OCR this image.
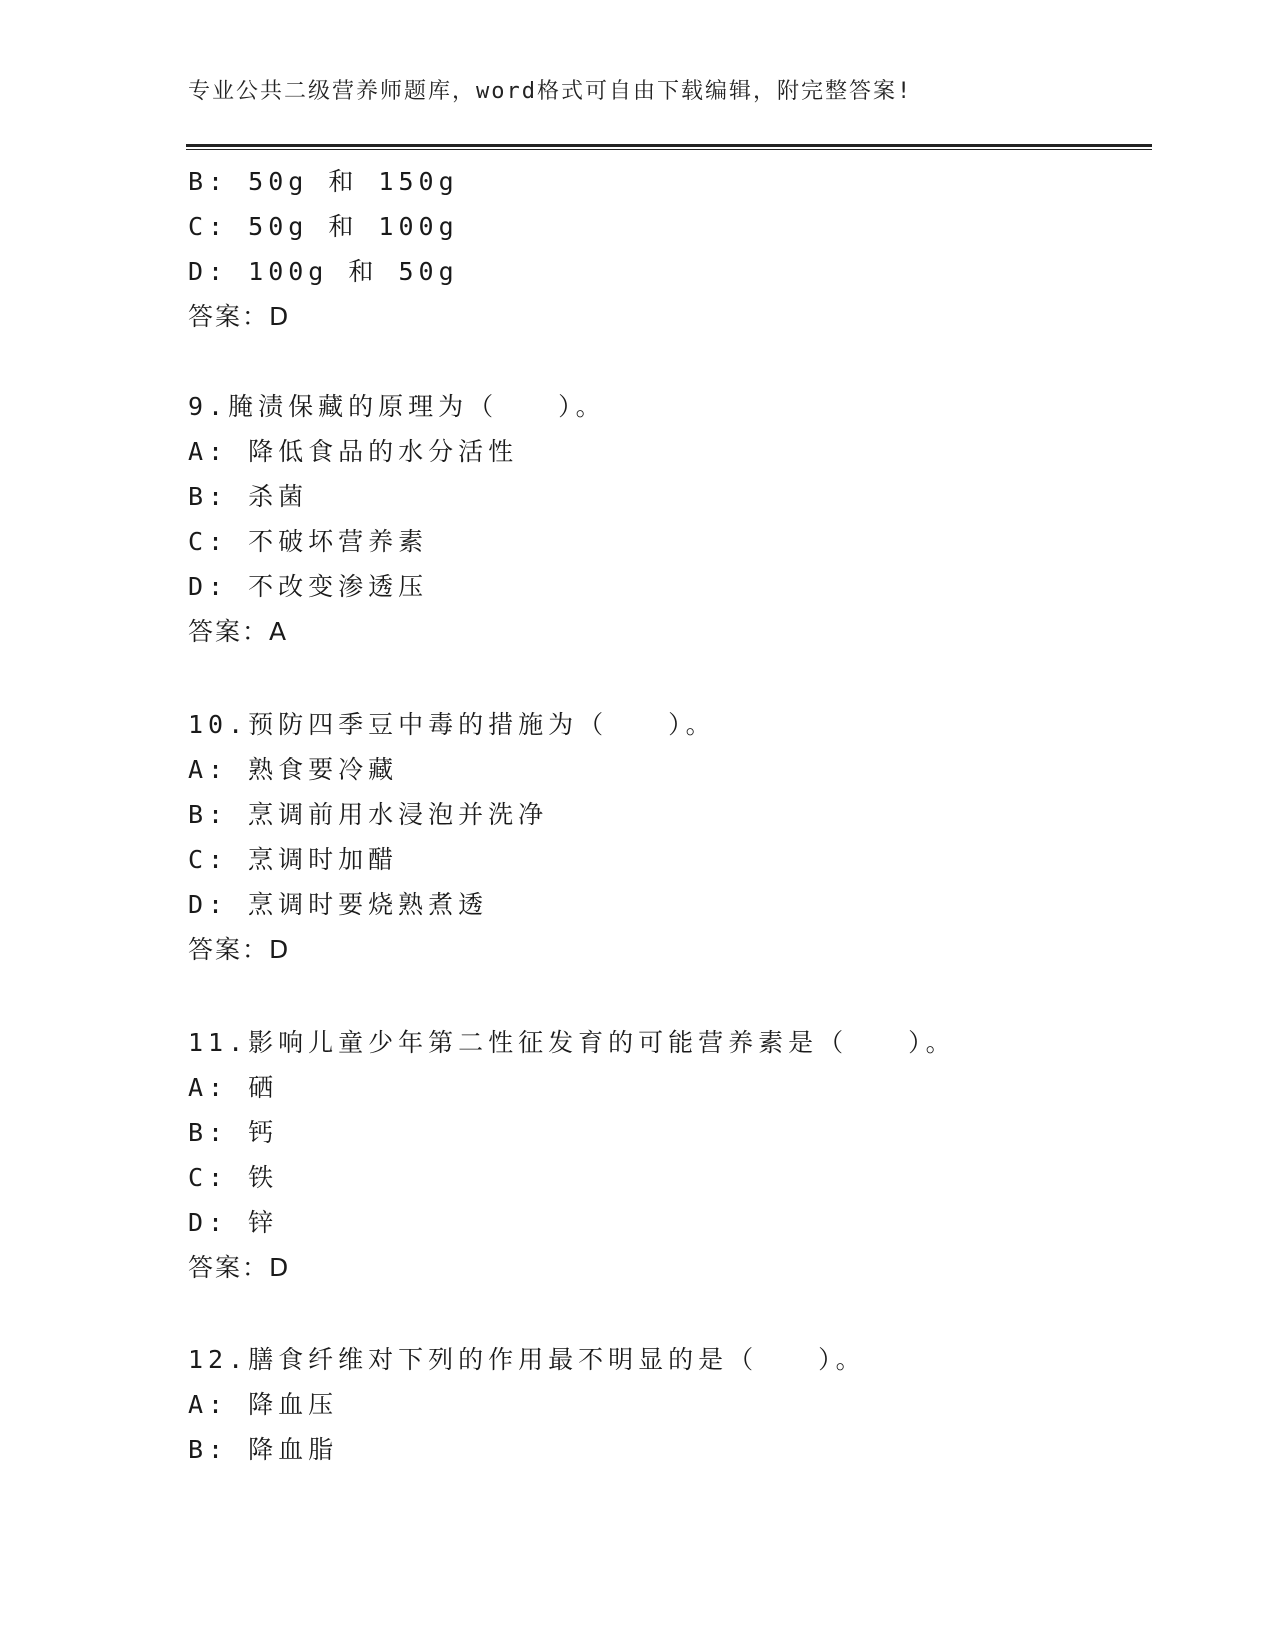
专业公共二级营养师题库，word格式可自由下载编辑，附完整答案!
B: 50g 和 150g
C: 50g 和 100g
D: 100g 和 50g
答案：D
9.腌渍保藏的原理为（　　）。
A: 降低食品的水分活性
B: 杀菌
C: 不破坏营养素
D: 不改变渗透压
答案：A
10.预防四季豆中毒的措施为（　　）。
A: 熟食要冷藏
B: 烹调前用水浸泡并洗净
C: 烹调时加醋
D: 烹调时要烧熟煮透
答案：D
11.影响儿童少年第二性征发育的可能营养素是（　　）。
A: 硒
B: 钙
C: 铁
D: 锌
答案：D
12.膳食纤维对下列的作用最不明显的是（　　）。
A: 降血压
B: 降血脂
